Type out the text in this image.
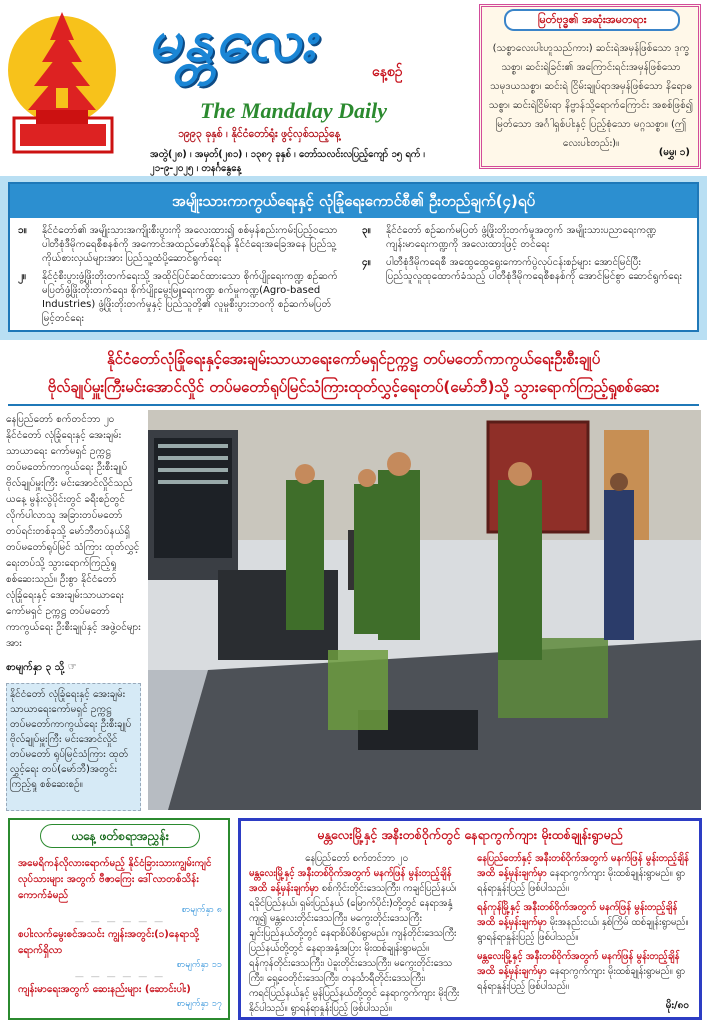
မန္တလေး	နေ့စဉ်
The Mandalay Daily
၁၉၉၃ ခုနှစ် ၊ နိုင်ငံတော်ရုံး ဖွင့်လှစ်သည့်နေ့
အတွဲ(၂၈) ၊ အမှတ်(၂၈၁) ၊ ၁၃၈၇ ခုနှစ် ၊ တော်သလင်းလပြည့်ကျော် ၁၅ ရက် ၊ ၂၁-၉-၂၀၂၅ ၊ တနင်္ဂနွေနေ့
မြတ်ဗုဒ္ဓ၏ အဆုံးအမတရား
(သစ္စာလေးပါးဟူသည်ကား) ဆင်းရဲအမှန်ဖြစ်သော ဒုက္ခသစ္စာ၊ ဆင်းရဲခြင်း၏ အကြောင်းရင်းအမှန်ဖြစ်သော သမုဒယသစ္စာ၊ ဆင်းရဲ ငြိမ်းချုပ်ရာအမှန်ဖြစ်သော နိရောဓသစ္စာ၊ ဆင်းရဲငြိမ်းရာ နိဗ္ဗာန်သို့ရောက်ကြောင်း အစစ်ဖြစ်၍ မြတ်သော အင်္ဂါရှစ်ပါးနှင့် ပြည့်စုံသော မဂ္ဂသစ္စာ။ (ဤလေးပါးတည်း)။
(မမွှ၊ ၁)
အမျိုးသားကာကွယ်ရေးနှင့် လုံခြုံရေးကောင်စီ၏ ဦးတည်ချက်(၄)ရပ်
၁။	နိုင်ငံတော်၏ အမျိုးသားအကျိုးစီးပွားကို အလေးထား၍ စစ်မှန်စည်းကမ်းပြည့်ဝသော ပါတီစုံဒီမိုကရေစီစနစ်ကို အကောင်အထည်ဖော်နိုင်ရန် နိုင်ငံရေးအခြေအနေ ပြည်သူ့ ကိုယ်စားလှယ်များအား ပြည်သူ့ထံပို့ဆောင်ရွက်ရေး
၂။	နိုင်ငံ့စီးပွားဖွံ့ဖြိုးတိုးတက်ရေးသို့ အထိုင်ပြင်ဆင်ထားသော စိုက်ပျိုးရေးကဏ္ဍ စဉ်ဆက်မပြတ်ဖွံ့ဖြိုးတိုးတက်ရေး၊ စိုက်ပျိုးမွေးမြူရေးကဏ္ဍ စက်မှုကဏ္ဍ(Agro-based Industries) ဖွံ့ဖြိုးတိုးတက်မှုနှင့် ပြည်သူတို့၏ လူမှုစီးပွားဘဝကို စဉ်ဆက်မပြတ် မြင့်တင်ရေး
၃။	နိုင်ငံတော် စဉ်ဆက်မပြတ် ဖွံ့ဖြိုးတိုးတက်မှုအတွက် အမျိုးသားပညာရေးကဏ္ဍ ကျန်းမာရေးကဏ္ဍကို အလေးထားဖြင့် တင်ရေး
၄။	ပါတီစုံဒီမိုကရေစီ အထွေထွေရွေးကောက်ပွဲလုပ်ငန်းစဉ်များ အောင်မြင်ပြီး ပြည်သူလူထုထောက်ခံသည့် ပါတီစုံဒီမိုကရေစီစနစ်ကို အောင်မြင်စွာ ဆောင်ရွက်ရေး
နိုင်ငံတော်လုံခြုံရေးနှင့်အေးချမ်းသာယာရေးကော်မရှင်ဥက္ကဋ္ဌ တပ်မတော်ကာကွယ်ရေးဦးစီးချုပ်
ဗိုလ်ချုပ်မှူးကြီးမင်းအောင်လှိုင် တပ်မတော်ရုပ်မြင်သံကြားထုတ်လွှင့်ရေးတပ်(မော်ဘီ)သို့ သွားရောက်ကြည့်ရှုစစ်ဆေး
နေပြည်တော် စက်တင်ဘာ ၂၀ နိုင်ငံတော် လုံခြုံရေးနှင့် အေးချမ်းသာယာရေး ကော်မရှင် ဥက္ကဋ္ဌ တပ်မတော်ကာကွယ်ရေး ဦးစီးချုပ် ဗိုလ်ချုပ်မှူးကြီး မင်းအောင်လှိုင်သည် ယနေ့ မွန်းလွဲပိုင်းတွင် ခရီးစဉ်တွင် လိုက်ပါလာသူ အခြားတပ်မတော် တပ်ရင်းတစ်ခုသို့ မော်ဘီတပ်နယ်ရှိ တပ်မတော်ရုပ်မြင် သံကြား ထုတ်လွှင့်ရေးတပ်သို့ သွားရောက်ကြည့်ရှုစစ်ဆေးသည်။ ဦးစွာ နိုင်ငံတော်လုံခြုံရေးနှင့် အေးချမ်းသာယာရေး ကော်မရှင် ဥက္ကဋ္ဌ တပ်မတော်ကာကွယ်ရေး ဦးစီးချုပ်နှင့် အဖွဲ့ဝင်များအား
စာမျက်နှာ ၃ သို့ ☞
နိုင်ငံတော် လုံခြုံရေးနှင့် အေးချမ်းသာယာရေးကော်မရှင် ဥက္ကဋ္ဌ တပ်မတော်ကာကွယ်ရေး ဦးစီးချုပ် ဗိုလ်ချုပ်မှူးကြီး မင်းအောင်လှိုင် တပ်မတော် ရုပ်မြင်သံကြား ထုတ်လွှင့်ရေး တပ်(မော်ဘီ)အတွင်း ကြည့်ရှု စစ်ဆေးစဉ်။
ယနေ့ ဖတ်စရာအညွှန်း
အမေရိကန်လိုလားရောက်မည့် နိုင်ငံခြားသားကျွမ်းကျင်လုပ်သားများ အတွက် ဗီဇာကြေး ဒေါ်လာတစ်သိန်း ကောက်ခံမည်
စာမျက်နှာ ၈
— — — — — —
စပါးလက်မွေးစင်အသင်း ကျွန်းအတွင်း(၁)နေရာသို့ ရောက်ရှိလာ
စာမျက်နှာ ၁၁
— — — — — —
ကျန်းမာရေးအတွက် ဆေးနည်းများ (ဆောင်းပါး)
စာမျက်နှာ ၁၇
မန္တလေးမြို့နှင့် အနီးတစ်ဝိုက်တွင် နေရာကွက်ကျား မိုးထစ်ချုန်းရွာမည်
နေပြည်တော် စက်တင်ဘာ ၂၀
မန္တလေးမြို့နှင့် အနီးတစ်ဝိုက်အတွက် မနက်ဖြန် မွန်းတည့်ချိန်အထိ ခန့်မှန်းချက်မှာ စစ်ကိုင်းတိုင်းဒေသကြီး၊ ကချင်ပြည်နယ်၊ ရခိုင်ပြည်နယ်၊ ရှမ်းပြည်နယ် (မြောက်ပိုင်း)တို့တွင် နေရာအနှံ့ကျ၍ မန္တလေးတိုင်းဒေသကြီး၊ မကွေးတိုင်းဒေသကြီး ချင်းပြည်နယ်တို့တွင် နေရာစိပ်စိပ်ရွာမည်။ ကျန်တိုင်းဒေသကြီး ပြည်နယ်တို့တွင် နေရာအနှံ့အပြား မိုးထစ်ချုန်းရွာမည်။ ရန်ကုန်တိုင်းဒေသကြီး၊ ပဲခူးတိုင်းဒေသကြီး၊ မကွေးတိုင်းဒေသကြီး၊ ရှေ့ဝေတိုင်းဒေသကြီး၊ တနင်္သာရီတိုင်းဒေသကြီး၊ ကရင်ပြည်နယ်နှင့် မွန်ပြည်နယ်တို့တွင် နေရာကွက်ကျား မိုးကြီးနိုင်ပါသည်။ ရွာရန်ရာနှုန်းပြည့် ဖြစ်ပါသည်။
နေပြည်တော်နှင့် အနီးတစ်ဝိုက်အတွက် မနက်ဖြန် မွန်းတည့်ချိန်အထိ ခန့်မှန်းချက်မှာ နေရာကွက်ကျား မိုးထစ်ချုန်းရွာမည်။ ရွာရန်ရာနှုန်းပြည့် ဖြစ်ပါသည်။
ရန်ကုန်မြို့နှင့် အနီးတစ်ဝိုက်အတွက် မနက်ဖြန် မွန်းတည့်ချိန်အထိ ခန့်မှန်းချက်မှာ မိုးအနည်းငယ်၊ နှစ်ကြိမ် ထစ်ချုန်းရွာမည်။ ရွာရန်ရာနှုန်းပြည့် ဖြစ်ပါသည်။
မန္တလေးမြို့နှင့် အနီးတစ်ဝိုက်အတွက် မနက်ဖြန် မွန်းတည့်ချိန်အထိ ခန့်မှန်းချက်မှာ နေရာကွက်ကျား မိုးထစ်ချုန်းရွာမည်။ ရွာရန်ရာနှုန်းပြည့် ဖြစ်ပါသည်။
မိုး/၈၀
